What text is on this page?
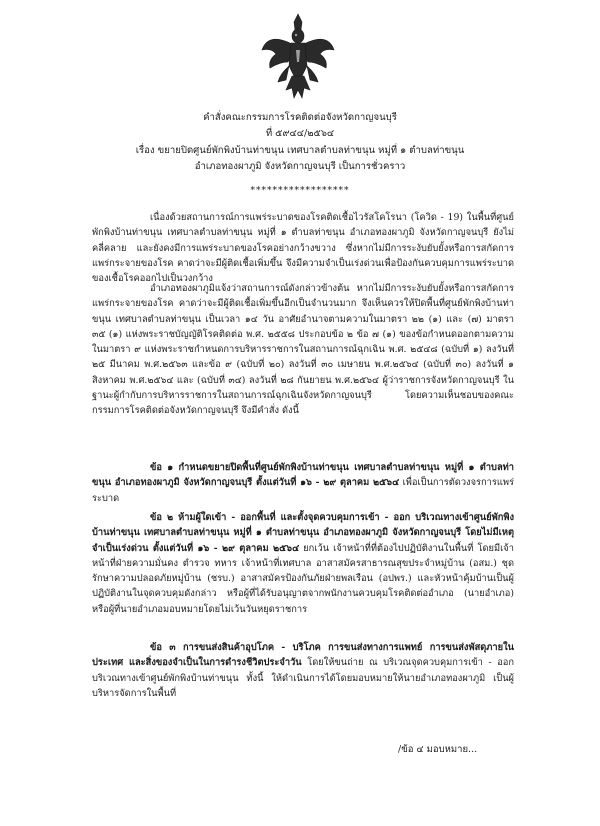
คำสั่งคณะกรรมการโรคติดต่อจังหวัดกาญจนบุรี
ที่ ๕๙๔๔/๒๕๖๔
เรื่อง ขยายปิดศูนย์พักพิงบ้านท่าขนุน เทศบาลตำบลท่าขนุน หมู่ที่ ๑ ตำบลท่าขนุน
อำเภอทองผาภูมิ จังหวัดกาญจนบุรี เป็นการชั่วคราว
******************

เนื่องด้วยสถานการณ์การแพร่ระบาดของโรคติดเชื้อไวรัสโคโรนา (โควิด - 19) ในพื้นที่ศูนย์พักพิงบ้านท่าขนุน เทศบาลตำบลท่าขนุน หมู่ที่ ๑ ตำบลท่าขนุน อำเภอทองผาภูมิ จังหวัดกาญจนบุรี ยังไม่คลี่คลาย และยังคงมีการแพร่ระบาดของโรคอย่างกว้างขวาง ซึ่งหากไม่มีการระงับยับยั้งหรือการสกัดการแพร่กระจายของโรค คาดว่าจะมีผู้ติดเชื้อเพิ่มขึ้น จึงมีความจำเป็นเร่งด่วนเพื่อป้องกันควบคุมการแพร่ระบาดของเชื้อโรคออกไปเป็นวงกว้าง

อำเภอทองผาภูมิแจ้งว่าสถานการณ์ดังกล่าวข้างต้น หากไม่มีการระงับยับยั้งหรือการสกัดการแพร่กระจายของโรค คาดว่าจะมีผู้ติดเชื้อเพิ่มขึ้นอีกเป็นจำนวนมาก จึงเห็นควรให้ปิดพื้นที่ศูนย์พักพิงบ้านท่าขนุน เทศบาลตำบลท่าขนุน เป็นเวลา ๑๔ วัน อาศัยอำนาจตามความในมาตรา ๒๒ (๑) และ (๗) มาตรา ๓๕ (๑) แห่งพระราชบัญญัติโรคติดต่อ พ.ศ. ๒๕๕๘ ประกอบข้อ ๒ ข้อ ๗ (๑) ของข้อกำหนดออกตามความในมาตรา ๙ แห่งพระราชกำหนดการบริหารราชการในสถานการณ์ฉุกเฉิน พ.ศ. ๒๕๔๘ (ฉบับที่ ๑) ลงวันที่ ๒๕ มีนาคม พ.ศ.๒๕๖๓ และข้อ ๙ (ฉบับที่ ๒๐) ลงวันที่ ๓๐ เมษายน พ.ศ.๒๕๖๔ (ฉบับที่ ๓๐) ลงวันที่ ๑ สิงหาคม พ.ศ.๒๕๖๔ และ (ฉบับที่ ๓๔) ลงวันที่ ๒๘ กันยายน พ.ศ.๒๕๖๔ ผู้ว่าราชการจังหวัดกาญจนบุรี ในฐานะผู้กำกับการบริหารราชการในสถานการณ์ฉุกเฉินจังหวัดกาญจนบุรี โดยความเห็นชอบของคณะกรรมการโรคติดต่อจังหวัดกาญจนบุรี จึงมีคำสั่ง ดังนี้

ข้อ ๑ กำหนดขยายปิดพื้นที่ศูนย์พักพิงบ้านท่าขนุน เทศบาลตำบลท่าขนุน หมู่ที่ ๑ ตำบลท่าขนุน อำเภอทองผาภูมิ จังหวัดกาญจนบุรี ตั้งแต่วันที่ ๑๖ - ๒๙ ตุลาคม ๒๕๖๔ เพื่อเป็นการตัดวงจรการแพร่ระบาด

ข้อ ๒ ห้ามผู้ใดเข้า - ออกพื้นที่ และตั้งจุดควบคุมการเข้า - ออก บริเวณทางเข้าศูนย์พักพิงบ้านท่าขนุน เทศบาลตำบลท่าขนุน หมู่ที่ ๑ ตำบลท่าขนุน อำเภอทองผาภูมิ จังหวัดกาญจนบุรี โดยไม่มีเหตุจำเป็นเร่งด่วน ตั้งแต่วันที่ ๑๖ - ๒๙ ตุลาคม ๒๕๖๔ ยกเว้น เจ้าหน้าที่ที่ต้องไปปฏิบัติงานในพื้นที่ โดยมีเจ้าหน้าที่ฝ่ายความมั่นคง ตำรวจ ทหาร เจ้าหน้าที่เทศบาล อาสาสมัครสาธารณสุขประจำหมู่บ้าน (อสม.) ชุดรักษาความปลอดภัยหมู่บ้าน (ชรบ.) อาสาสมัครป้องกันภัยฝ่ายพลเรือน (อปพร.) และหัวหน้าคุ้มบ้านเป็นผู้ปฏิบัติงานในจุดควบคุมดังกล่าว หรือผู้ที่ได้รับอนุญาตจากพนักงานควบคุมโรคติดต่ออำเภอ (นายอำเภอ) หรือผู้ที่นายอำเภอมอบหมายโดยไม่เว้นวันหยุดราชการ

ข้อ ๓ การขนส่งสินค้าอุปโภค - บริโภค การขนส่งทางการแพทย์ การขนส่งพัสดุภายในประเทศ และสิ่งของจำเป็นในการดำรงชีวิตประจำวัน โดยให้ขนถ่าย ณ บริเวณจุดควบคุมการเข้า - ออก บริเวณทางเข้าศูนย์พักพิงบ้านท่าขนุน ทั้งนี้ ให้ดำเนินการได้โดยมอบหมายให้นายอำเภอทองผาภูมิ เป็นผู้บริหารจัดการในพื้นที่

/ข้อ ๔ มอบหมาย...
